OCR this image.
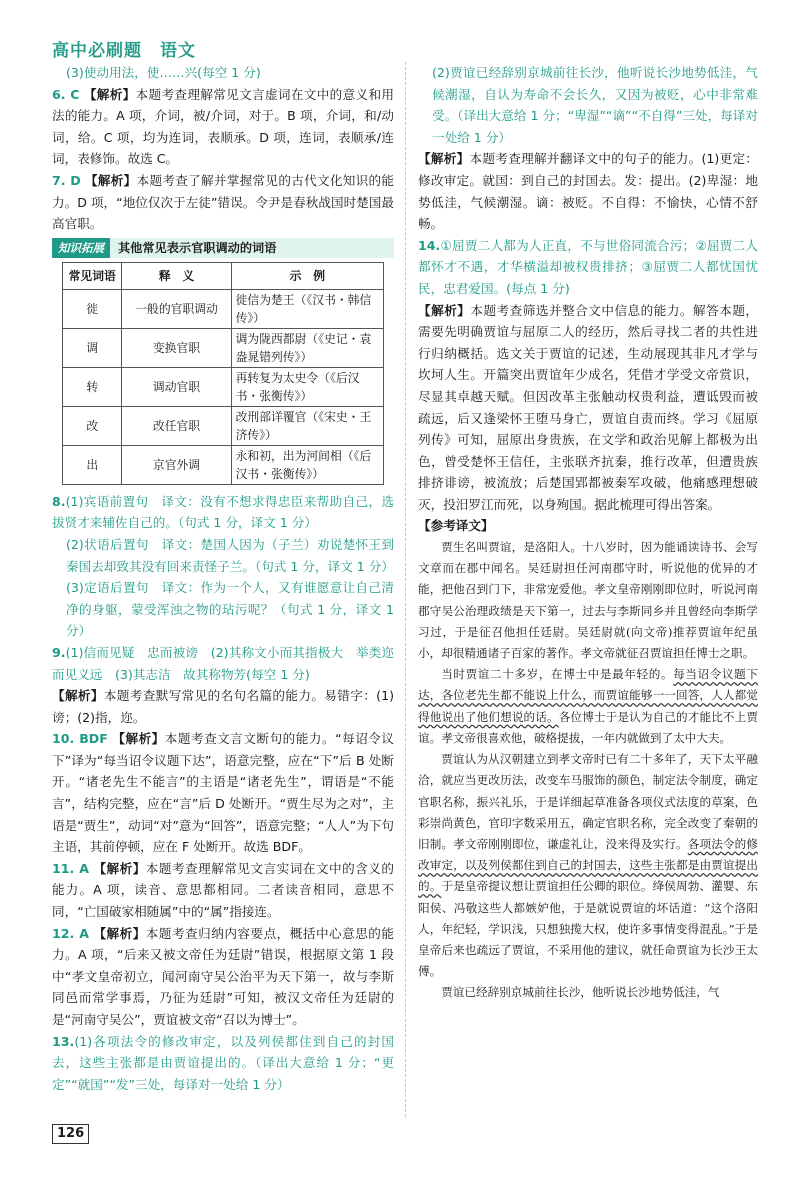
高中必刷题　语文

(3)使动用法，使……兴(每空 1 分)

6. C 【解析】本题考查理解常见文言虚词在文中的意义和用法的能力。A 项，介词，被/介词，对于。B 项，介词，和/动词，给。C 项，均为连词，表顺承。D 项，连词，表顺承/连词，表修饰。故选 C。

7. D 【解析】本题考查了解并掌握常见的古代文化知识的能力。D 项，“地位仅次于左徒”错误。令尹是春秋战国时楚国最高官职。

知识拓展 其他常见表示官职调动的词语
常见词语	释　义	示　例
徙	一般的官职调动	徙信为楚王（《汉书・韩信传》）
调	变换官职	调为陇西都尉（《史记・袁盎晁错列传》）
转	调动官职	再转复为太史令（《后汉书・张衡传》）
改	改任官职	改刑部详覆官（《宋史・王济传》）
出	京官外调	永和初，出为河间相（《后汉书・张衡传》）

8.(1)宾语前置句　译文：没有不想求得忠臣来帮助自己，选拔贤才来辅佐自己的。（句式 1 分，译文 1 分）

(2)状语后置句　译文：楚国人因为（子兰）劝说楚怀王到秦国去却致其没有回来责怪子兰。（句式 1 分，译文 1 分）

(3)定语后置句　译文：作为一个人，又有谁愿意让自己清净的身躯，蒙受浑浊之物的玷污呢？（句式 1 分，译文 1 分）

9.(1)信而见疑　忠而被谤　(2)其称文小而其指极大　举类迩而见义远　(3)其志洁　故其称物芳(每空 1 分)

【解析】本题考查默写常见的名句名篇的能力。易错字：(1)谤；(2)指，迩。

10. BDF 【解析】本题考查文言文断句的能力。“每诏令议下”译为“每当诏令议题下达”，语意完整，应在“下”后 B 处断开。“诸老先生不能言”的主语是“诸老先生”，谓语是“不能言”，结构完整，应在“言”后 D 处断开。“贾生尽为之对”，主语是“贾生”，动词“对”意为“回答”，语意完整；“人人”为下句主语，其前停顿，应在 F 处断开。故选 BDF。

11. A 【解析】本题考查理解常见文言实词在文中的含义的能力。A 项，读音、意思都相同。二者读音相同，意思不同，“亡国破家相随属”中的“属”指接连。

12. A 【解析】本题考查归纳内容要点，概括中心意思的能力。A 项，“后来又被文帝任为廷尉”错误，根据原文第 1 段中“孝文皇帝初立，闻河南守吴公治平为天下第一，故与李斯同邑而常学事焉，乃征为廷尉”可知，被汉文帝任为廷尉的是“河南守吴公”，贾谊被文帝“召以为博士”。

13.(1)各项法令的修改审定，以及列侯都住到自己的封国去，这些主张都是由贾谊提出的。（译出大意给 1 分；“更定”“就国”“发”三处，每译对一处给 1 分）

(2)贾谊已经辞别京城前往长沙，他听说长沙地势低洼，气候潮湿，自认为寿命不会长久，又因为被贬，心中非常难受。（译出大意给 1 分；“卑湿”“谪”“不自得”三处，每译对一处给 1 分）

【解析】本题考查理解并翻译文中的句子的能力。(1)更定：修改审定。就国：到自己的封国去。发：提出。(2)卑湿：地势低洼，气候潮湿。谪：被贬。不自得：不愉快，心情不舒畅。

14.①屈贾二人都为人正直，不与世俗同流合污；②屈贾二人都怀才不遇，才华横溢却被权贵排挤；③屈贾二人都忧国忧民，忠君爱国。(每点 1 分)

【解析】本题考查筛选并整合文中信息的能力。解答本题，需要先明确贾谊与屈原二人的经历，然后寻找二者的共性进行归纳概括。选文关于贾谊的记述，生动展现其非凡才学与坎坷人生。开篇突出贾谊年少成名，凭借才学受文帝赏识，尽显其卓越天赋。但因改革主张触动权贵利益，遭诋毁而被疏远，后又逢梁怀王堕马身亡，贾谊自责而终。学习《屈原列传》可知，屈原出身贵族，在文学和政治见解上都极为出色，曾受楚怀王信任，主张联齐抗秦，推行改革，但遭贵族排挤诽谤，被流放；后楚国郢都被秦军攻破，他痛感理想破灭，投汨罗江而死，以身殉国。据此梳理可得出答案。

【参考译文】

贾生名叫贾谊，是洛阳人。十八岁时，因为能诵读诗书、会写文章而在郡中闻名。吴廷尉担任河南郡守时，听说他的优异的才能，把他召到门下，非常宠爱他。孝文皇帝刚刚即位时，听说河南郡守吴公治理政绩是天下第一，过去与李斯同乡并且曾经向李斯学习过，于是征召他担任廷尉。吴廷尉就(向文帝)推荐贾谊年纪虽小，却很精通诸子百家的著作。孝文帝就征召贾谊担任博士之职。

当时贾谊二十多岁，在博士中是最年轻的。每当诏令议题下达，各位老先生都不能说上什么，而贾谊能够一一回答，人人都觉得他说出了他们想说的话。各位博士于是认为自己的才能比不上贾谊。孝文帝很喜欢他，破格提拔，一年内就做到了太中大夫。

贾谊认为从汉朝建立到孝文帝时已有二十多年了，天下太平融洽，就应当更改历法，改变车马服饰的颜色，制定法令制度，确定官职名称，振兴礼乐，于是详细起草准备各项仪式法度的草案，色彩崇尚黄色，官印字数采用五，确定官职名称，完全改变了秦朝的旧制。孝文帝刚刚即位，谦虚礼让，没来得及实行。各项法令的修改审定，以及列侯都住到自己的封国去，这些主张都是由贾谊提出的。于是皇帝提议想让贾谊担任公卿的职位。绛侯周勃、灌婴、东阳侯、冯敬这些人都嫉妒他，于是就说贾谊的坏话道：“这个洛阳人，年纪轻，学识浅，只想独揽大权，使许多事情变得混乱。”于是皇帝后来也疏远了贾谊，不采用他的建议，就任命贾谊为长沙王太傅。

贾谊已经辞别京城前往长沙，他听说长沙地势低洼，气

126
